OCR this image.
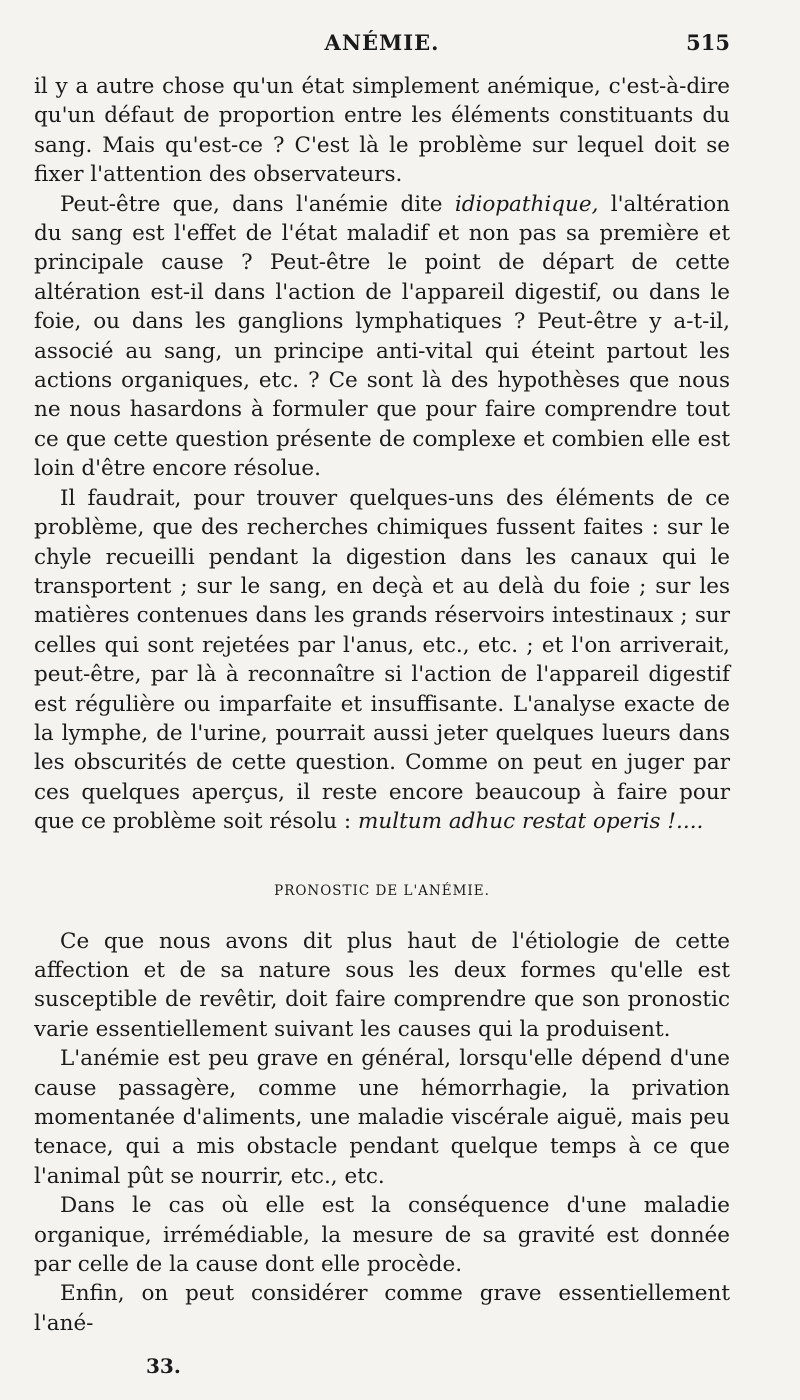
ANÉMIE.	515

il y a autre chose qu'un état simplement anémique, c'est-à-dire qu'un défaut de proportion entre les éléments constituants du sang. Mais qu'est-ce ? C'est là le problème sur lequel doit se fixer l'attention des observateurs.

Peut-être que, dans l'anémie dite idiopathique, l'altération du sang est l'effet de l'état maladif et non pas sa première et principale cause ? Peut-être le point de départ de cette altération est-il dans l'action de l'appareil digestif, ou dans le foie, ou dans les ganglions lymphatiques ? Peut-être y a-t-il, associé au sang, un principe anti-vital qui éteint partout les actions organiques, etc. ? Ce sont là des hypothèses que nous ne nous hasardons à formuler que pour faire comprendre tout ce que cette question présente de complexe et combien elle est loin d'être encore résolue.

Il faudrait, pour trouver quelques-uns des éléments de ce problème, que des recherches chimiques fussent faites : sur le chyle recueilli pendant la digestion dans les canaux qui le transportent ; sur le sang, en deçà et au delà du foie ; sur les matières contenues dans les grands réservoirs intestinaux ; sur celles qui sont rejetées par l'anus, etc., etc. ; et l'on arriverait, peut-être, par là à reconnaître si l'action de l'appareil digestif est régulière ou imparfaite et insuffisante. L'analyse exacte de la lymphe, de l'urine, pourrait aussi jeter quelques lueurs dans les obscurités de cette question. Comme on peut en juger par ces quelques aperçus, il reste encore beaucoup à faire pour que ce problème soit résolu : multum adhuc restat operis !....

PRONOSTIC DE L'ANÉMIE.

Ce que nous avons dit plus haut de l'étiologie de cette affection et de sa nature sous les deux formes qu'elle est susceptible de revêtir, doit faire comprendre que son pronostic varie essentiellement suivant les causes qui la produisent.

L'anémie est peu grave en général, lorsqu'elle dépend d'une cause passagère, comme une hémorrhagie, la privation momentanée d'aliments, une maladie viscérale aiguë, mais peu tenace, qui a mis obstacle pendant quelque temps à ce que l'animal pût se nourrir, etc., etc.

Dans le cas où elle est la conséquence d'une maladie organique, irrémédiable, la mesure de sa gravité est donnée par celle de la cause dont elle procède.

Enfin, on peut considérer comme grave essentiellement l'ané-

33.
